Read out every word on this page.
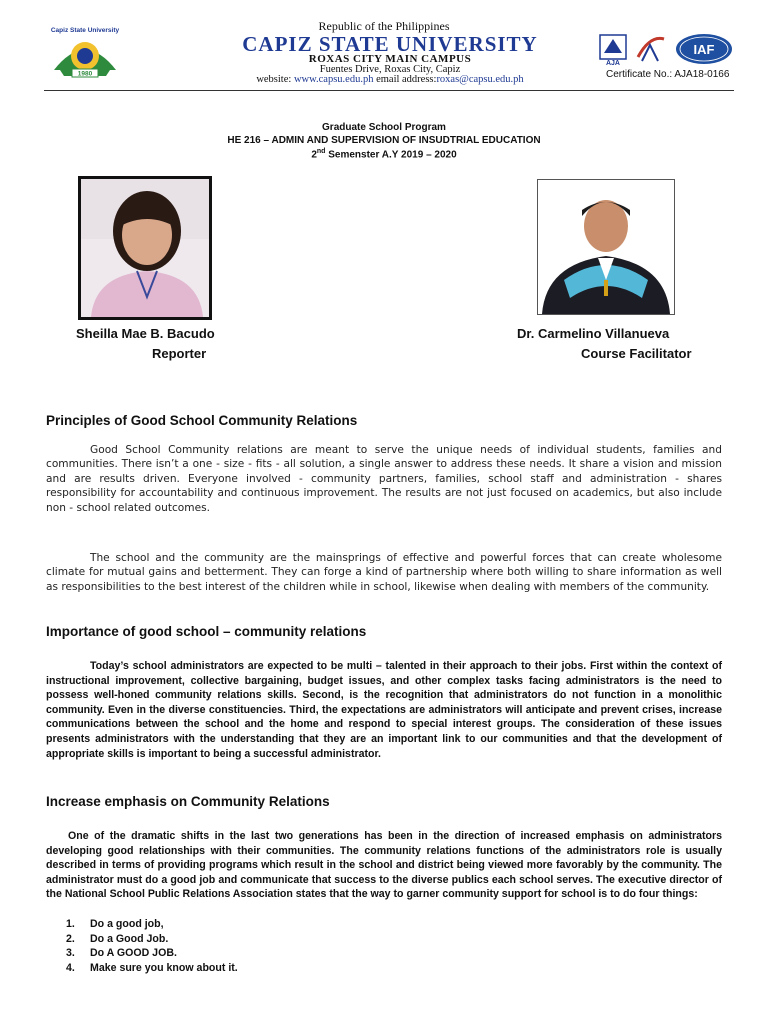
Capiz State University
1980
Republic of the Philippines
CAPIZ STATE UNIVERSITY
ROXAS CITY MAIN CAMPUS
Fuentes Drive, Roxas City, Capiz
website: www.capsu.edu.ph email address:roxas@capsu.edu.ph
AJA
IAF
Certificate No.: AJA18-0166
Graduate School Program
HE 216 – ADMIN AND SUPERVISION OF INSUDTRIAL EDUCATION
2nd Semenster A.Y 2019 – 2020
Sheilla Mae B. Bacudo
Reporter
Dr. Carmelino Villanueva
Course Facilitator
Principles of Good School Community Relations

Good School Community relations are meant to serve the unique needs of individual students, families and communities. There isn’t a one - size - fits - all solution, a single answer to address these needs. It share a vision and mission and are results driven. Everyone involved - community partners, families, school staff and administration - shares responsibility for accountability and continuous improvement. The results are not just focused on academics, but also include non - school related outcomes.

The school and the community are the mainsprings of effective and powerful forces that can create wholesome climate for mutual gains and betterment. They can forge a kind of partnership where both willing to share information as well as responsibilities to the best interest of the children while in school, likewise when dealing with members of the community.

Importance of good school – community relations

Today’s school administrators are expected to be multi – talented in their approach to their jobs. First within the context of instructional improvement, collective bargaining, budget issues, and other complex tasks facing administrators is the need to possess well-honed community relations skills. Second, is the recognition that administrators do not function in a monolithic community. Even in the diverse constituencies. Third, the expectations are administrators will anticipate and prevent crises, increase communications between the school and the home and respond to special interest groups. The consideration of these issues presents administrators with the understanding that they are an important link to our communities and that the development of appropriate skills is important to being a successful administrator.

Increase emphasis on Community Relations

One of the dramatic shifts in the last two generations has been in the direction of increased emphasis on administrators developing good relationships with their communities. The community relations functions of the administrators role is usually described in terms of providing programs which result in the school and district being viewed more favorably by the community. The administrator must do a good job and communicate that success to the diverse publics each school serves. The executive director of the National School Public Relations Association states that the way to garner community support for school is to do four things:

1. Do a good job,
2. Do a Good Job.
3. Do A GOOD JOB.
4. Make sure you know about it.
